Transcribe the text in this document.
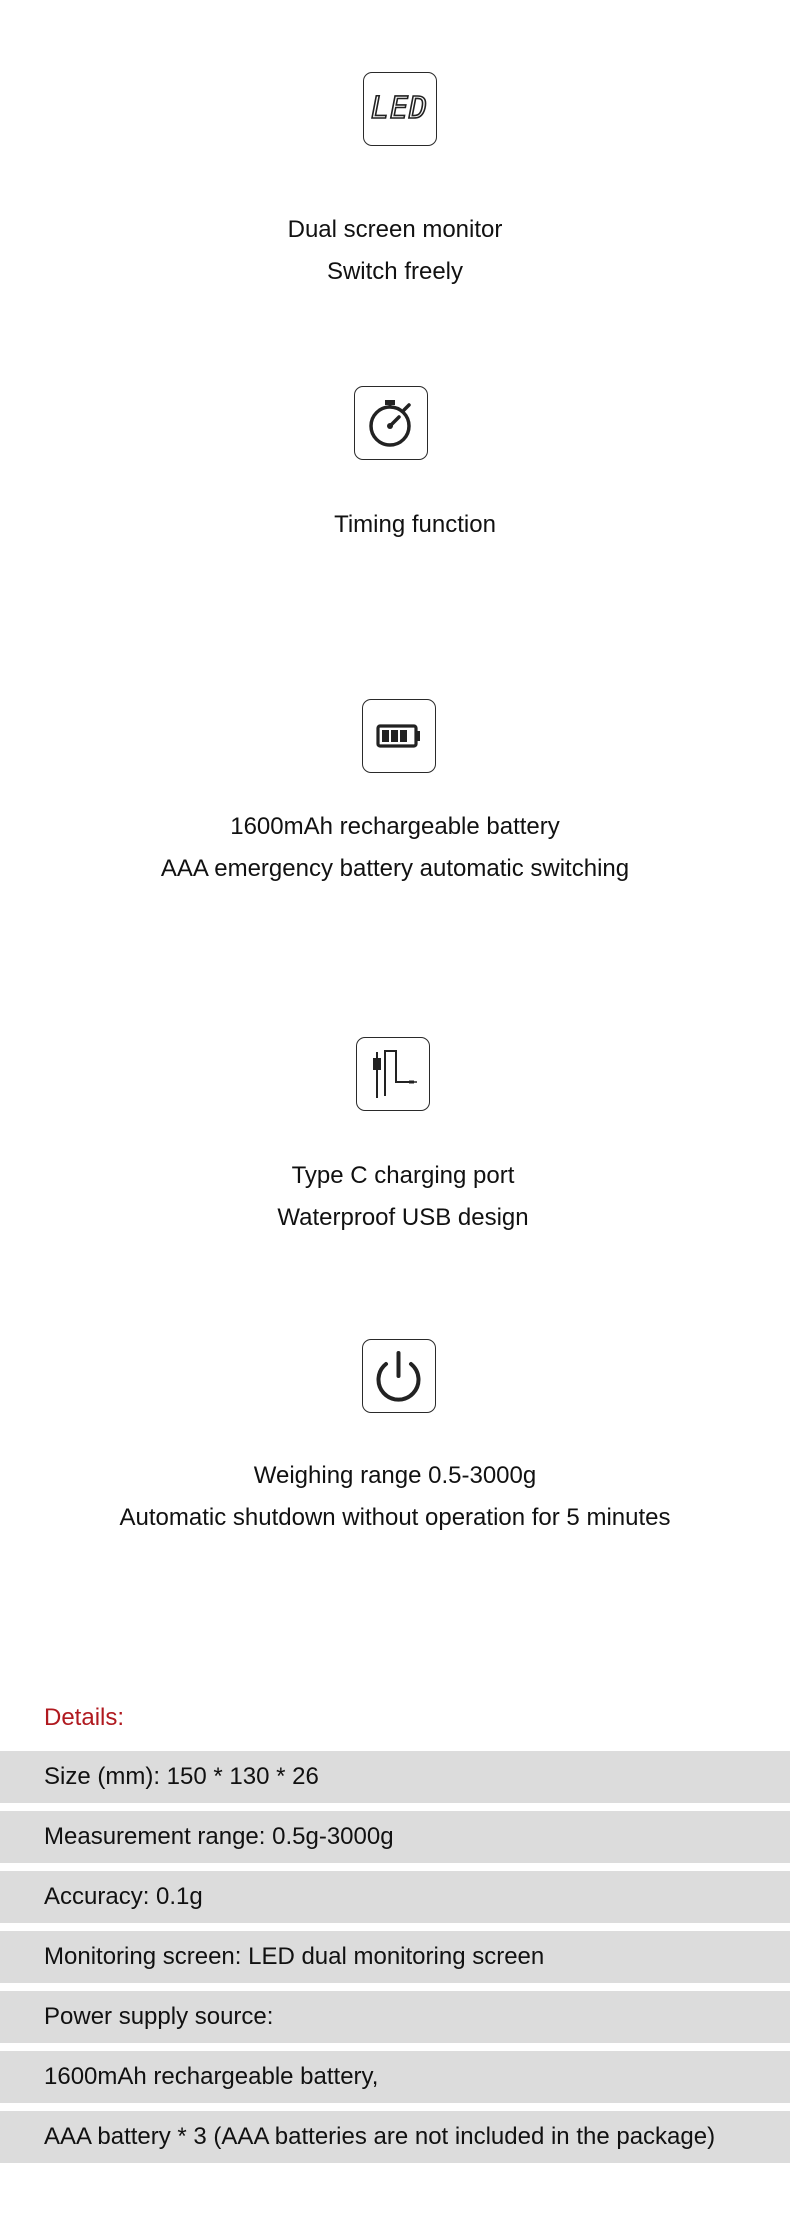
LED
Dual screen monitor
Switch freely
Timing function
1600mAh rechargeable battery
AAA emergency battery automatic switching
Type C charging port
Waterproof USB design
Weighing range 0.5-3000g
Automatic shutdown without operation for 5 minutes
Details:
Size (mm): 150 * 130 * 26
Measurement range: 0.5g-3000g
Accuracy: 0.1g
Monitoring screen: LED dual monitoring screen
Power supply source:
1600mAh rechargeable battery,
AAA battery * 3 (AAA batteries are not included in the package)
